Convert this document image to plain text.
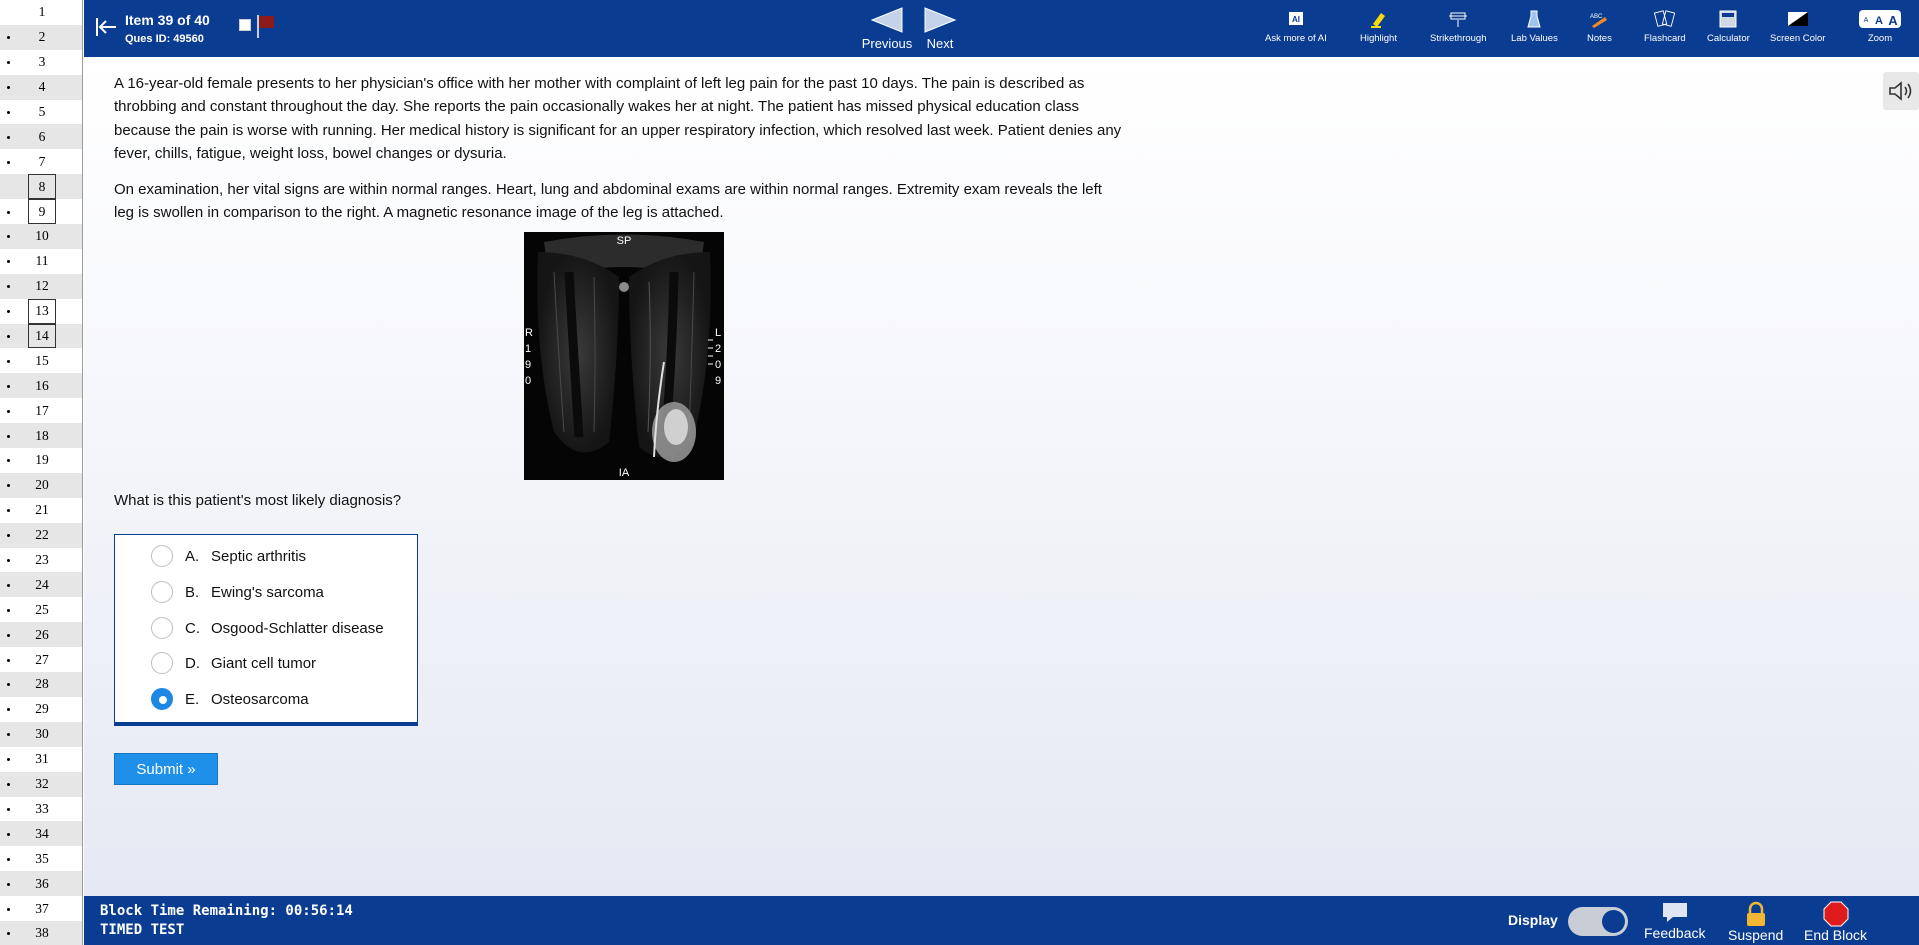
1
2
3
4
5
6
7
8
9
10
11
12
13
14
15
16
17
18
19
20
21
22
23
24
25
26
27
28
29
30
31
32
33
34
35
36
37
38
Item 39 of 40
Ques ID: 49560	Previous	Next
AI
Ask more of AI	Highlight	Strikethrough	Lab Values
ABC
Notes	Flashcard Calculator Screen Color
A A A
Zoom
A 16-year-old female presents to her physician's office with her mother with complaint of left leg pain for the past 10 days. The pain is described as throbbing and constant throughout the day. She reports the pain occasionally wakes her at night. The patient has missed physical education class because the pain is worse with running. Her medical history is significant for an upper respiratory infection, which resolved last week. Patient denies any fever, chills, fatigue, weight loss, bowel changes or dysuria.
On examination, her vital signs are within normal ranges. Heart, lung and abdominal exams are within normal ranges. Extremity exam reveals the left leg is swollen in comparison to the right. A magnetic resonance image of the leg is attached.
SP
IA
R
1
9
0
L
2
0
9
What is this patient's most likely diagnosis?
A. Septic arthritis
B. Ewing's sarcoma
C. Osgood-Schlatter disease
D. Giant cell tumor
E. Osteosarcoma
Submit »
Block Time Remaining: 00:56:14
TIMED TEST
Display
Feedback Suspend End Block
